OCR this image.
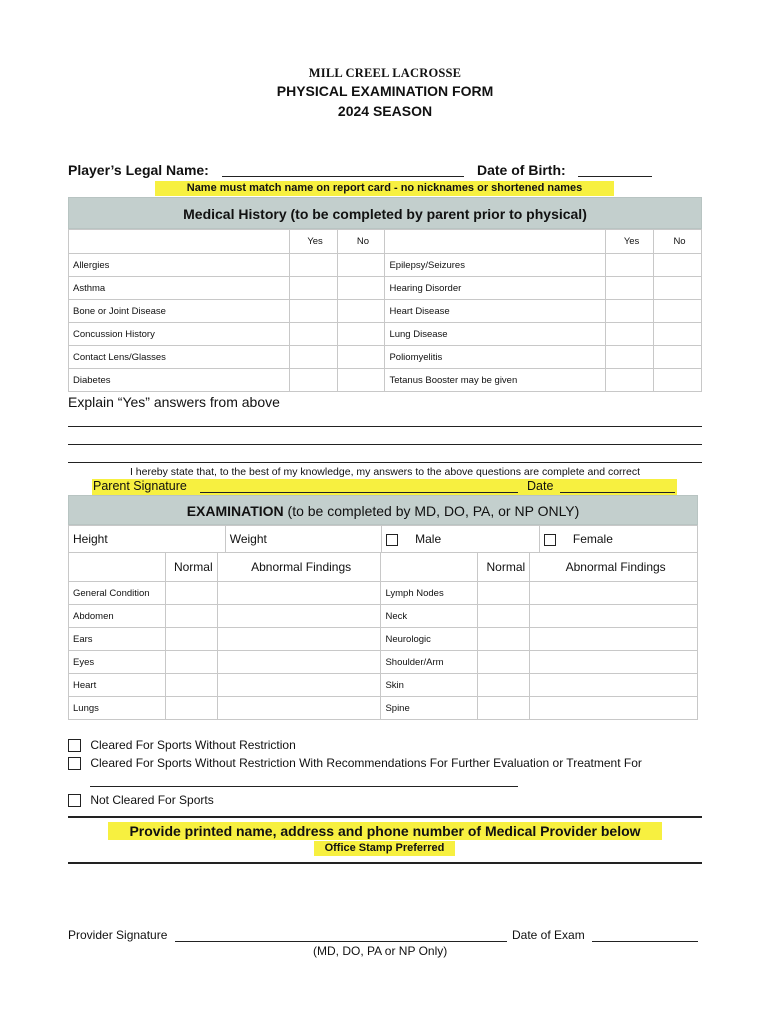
MILL CREEL LACROSSE
PHYSICAL EXAMINATION FORM
2024 SEASON
Player’s Legal Name:	Date of Birth:
Name must match name on report card - no nicknames or shortened names
Medical History (to be completed by parent prior to physical)
	Yes	No		Yes	No
Allergies			Epilepsy/Seizures		
Asthma			Hearing Disorder		
Bone or Joint Disease			Heart Disease		
Concussion History			Lung Disease		
Contact Lens/Glasses			Poliomyelitis		
Diabetes			Tetanus Booster may be given		
Explain “Yes” answers from above
I hereby state that, to the best of my knowledge, my answers to the above questions are complete and correct
Parent Signature	Date
EXAMINATION (to be completed by MD, DO, PA, or NP ONLY)
Height	Weight	Male	Female
	Normal	Abnormal Findings		Normal	Abnormal Findings
General Condition			Lymph Nodes		
Abdomen			Neck		
Ears			Neurologic		
Eyes			Shoulder/Arm		
Heart			Skin		
Lungs			Spine		
Cleared For Sports Without Restriction
Cleared For Sports Without Restriction With Recommendations For Further Evaluation or Treatment For
Not Cleared For Sports
Provide printed name, address and phone number of Medical Provider below
Office Stamp Preferred
Provider Signature	Date of Exam
(MD, DO, PA or NP Only)
